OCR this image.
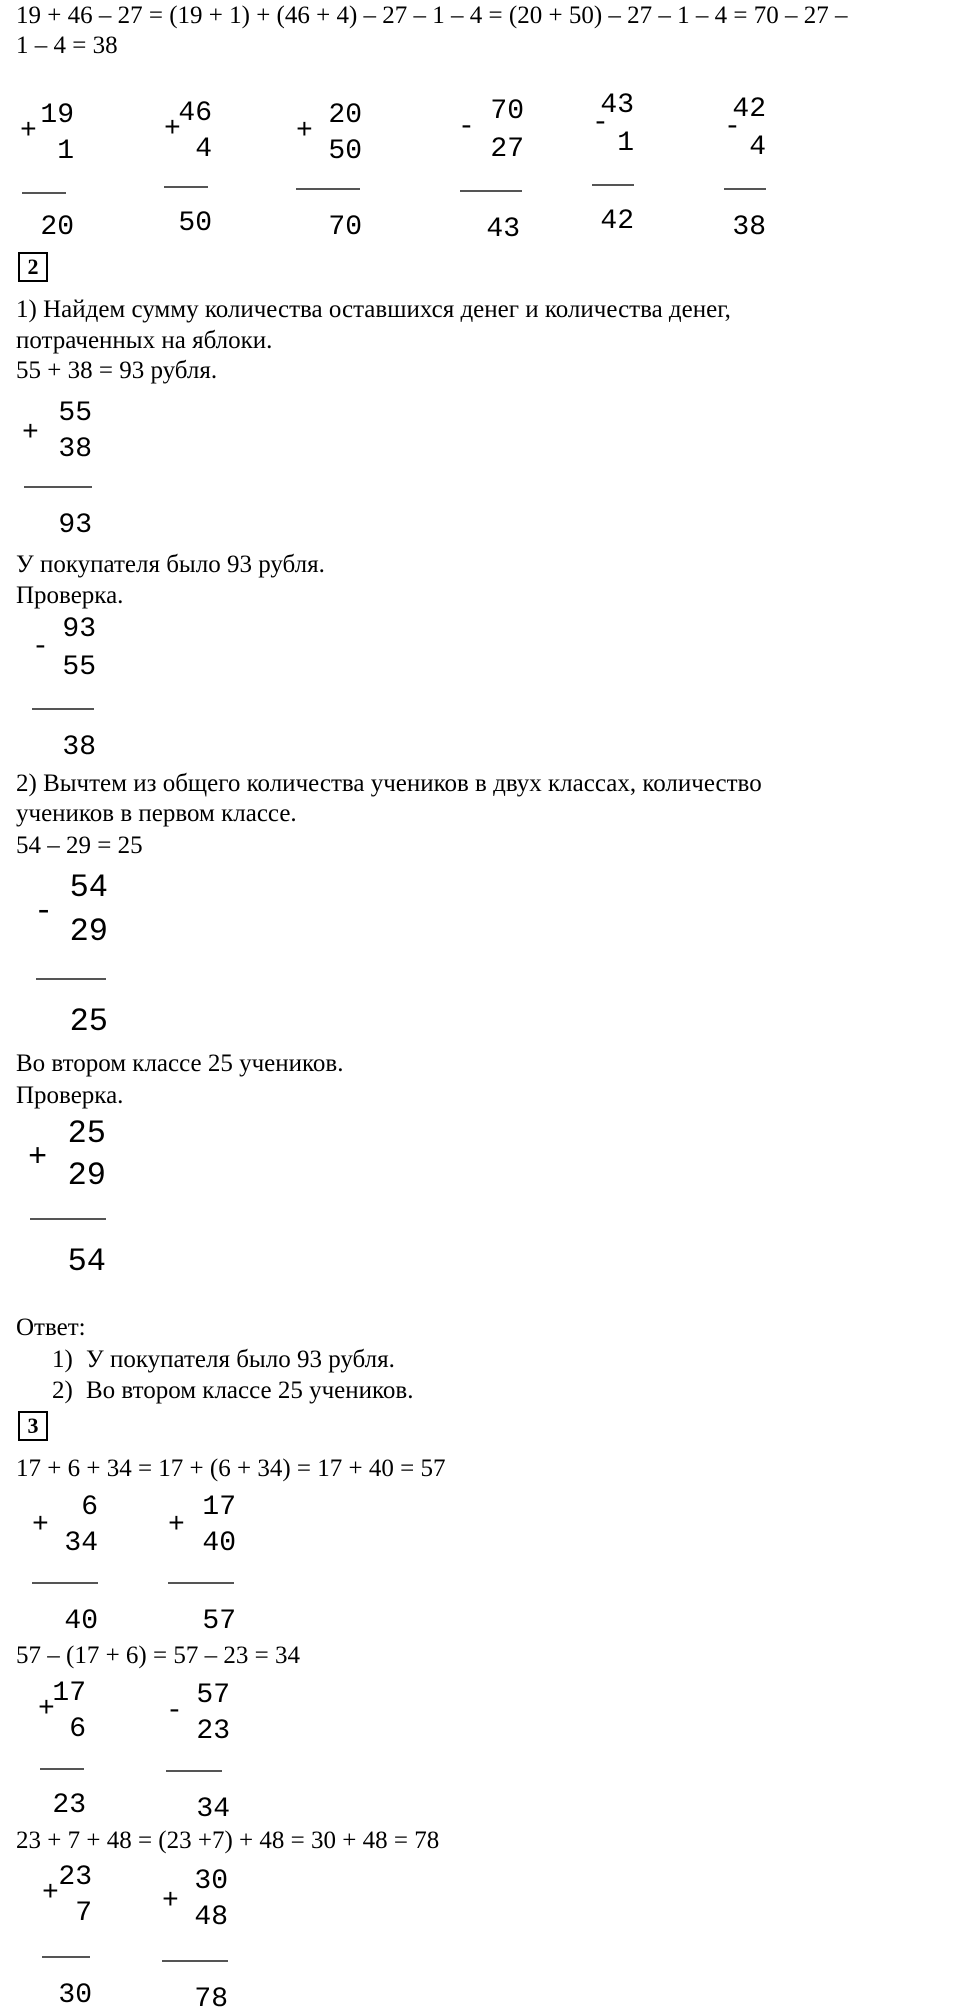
19 + 46 – 27 = (19 + 1) + (46 + 4) – 27 – 1 – 4 = (20 + 50) – 27 – 1 – 4 = 70 – 27 –
1 – 4 = 38
+
19
1
20
+
46
4
50
+
20
50
70
-
70
27
43
-
43
1
42
-
42
4
38
2
1) Найдем сумму количества оставшихся денег и количества денег,
потраченных на яблоки.
55 + 38 = 93 рубля.
+
55
38
93
У покупателя было 93 рубля.
Проверка.
-
93
55
38
2) Вычтем из общего количества учеников в двух классах, количество
учеников в первом классе.
54 – 29 = 25
-
54
29
25
Во втором классе 25 учеников.
Проверка.
+
25
29
54
Ответ:
1) У покупателя было 93 рубля.
2) Во втором классе 25 учеников.
3
17 + 6 + 34 = 17 + (6 + 34) = 17 + 40 = 57
+
6
34
40
+
17
40
57
57 – (17 + 6) = 57 – 23 = 34
+
17
6
23
-
57
23
34
23 + 7 + 48 = (23 +7) + 48 = 30 + 48 = 78
+
23
7
30
+
30
48
78
